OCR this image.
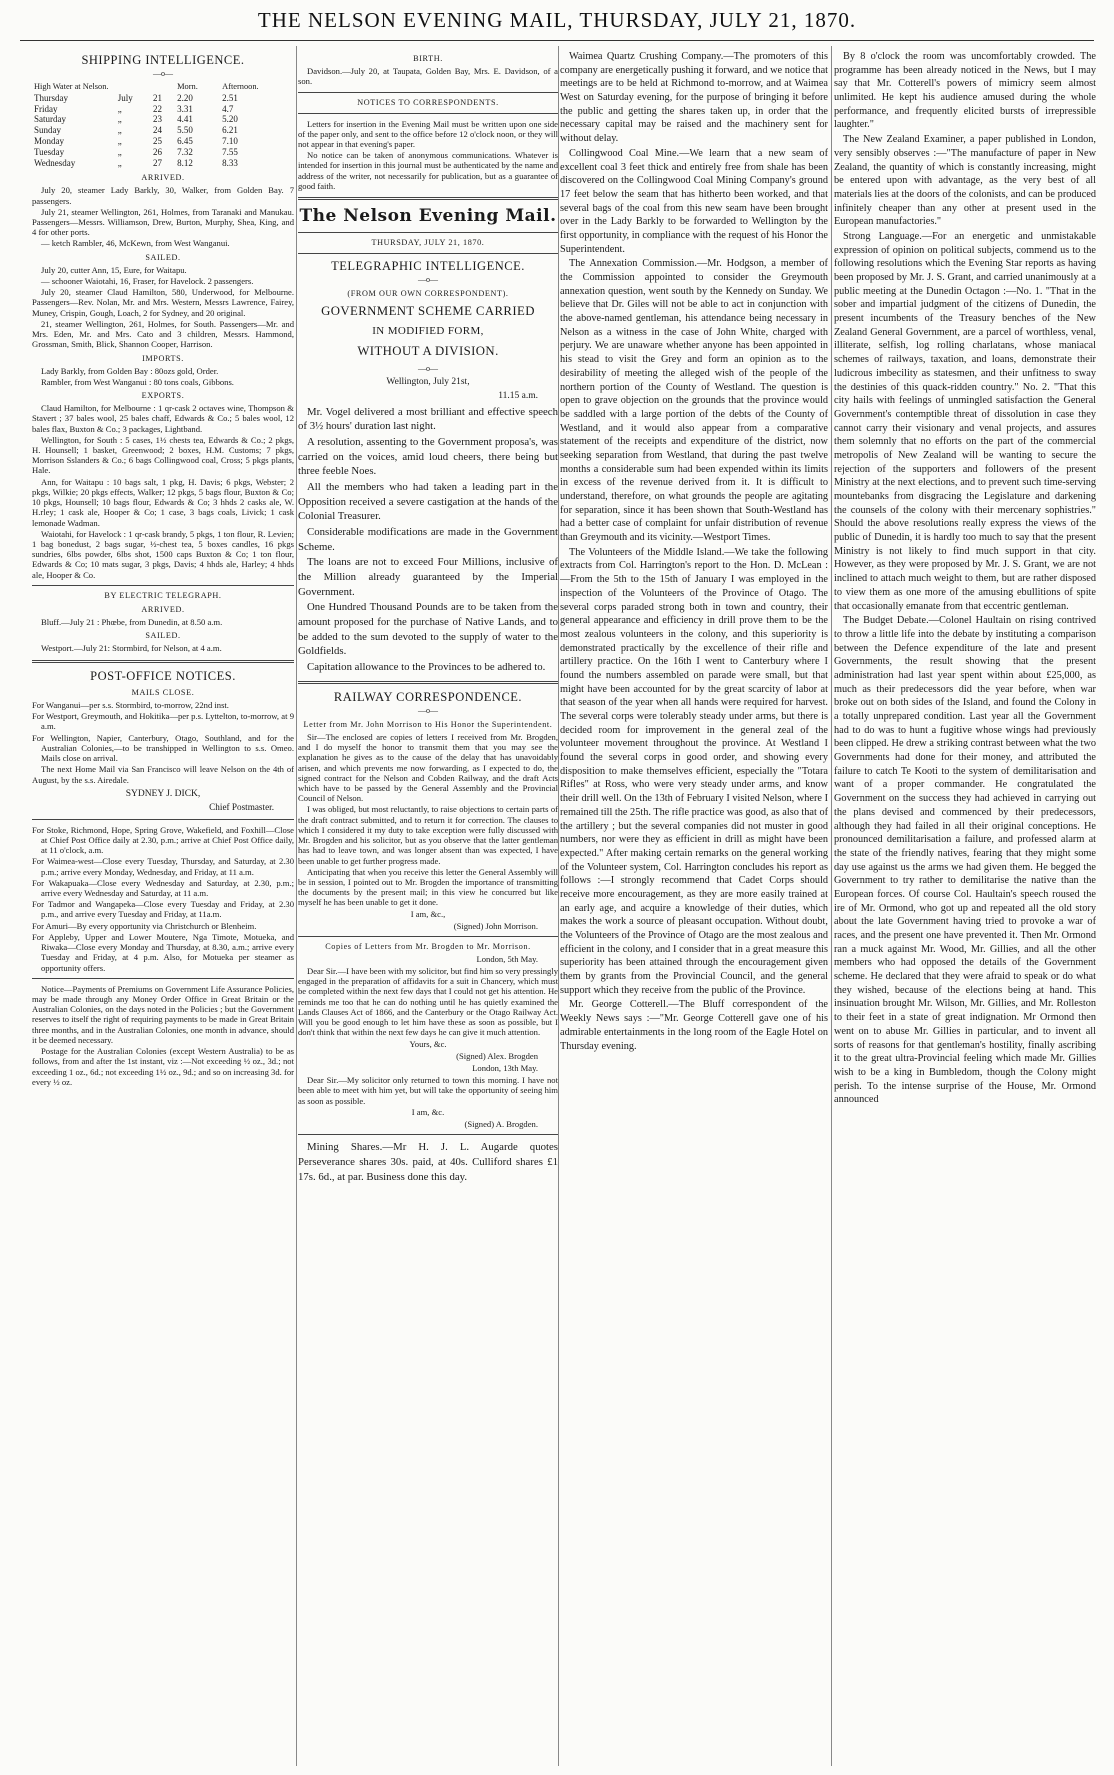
THE NELSON EVENING MAIL, THURSDAY, JULY 21, 1870.
SHIPPING INTELLIGENCE.
—o—
High Water at Nelson.			Morn.	Afternoon.
Thursday	July	21	2.20	2.51
Friday	„	22	3.31	4.7
Saturday	„	23	4.41	5.20
Sunday	„	24	5.50	6.21
Monday	„	25	6.45	7.10
Tuesday	„	26	7.32	7.55
Wednesday	„	27	8.12	8.33
ARRIVED.

July 20, steamer Lady Barkly, 30, Walker, from Golden Bay. 7 passengers.

July 21, steamer Wellington, 261, Holmes, from Taranaki and Manukau. Passengers—Messrs. Williamson, Drew, Burton, Murphy, Shea, King, and 4 for other ports.

— ketch Rambler, 46, McKewn, from West Wanganui.

SAILED.

July 20, cutter Ann, 15, Eure, for Waitapu.

— schooner Waiotahi, 16, Fraser, for Havelock. 2 passengers.

July 20, steamer Claud Hamilton, 580, Underwood, for Melbourne. Passengers—Rev. Nolan, Mr. and Mrs. Western, Messrs Lawrence, Fairey, Muney, Crispin, Gough, Loach, 2 for Sydney, and 20 original.

21, steamer Wellington, 261, Holmes, for South. Passengers—Mr. and Mrs. Eden, Mr. and Mrs. Cato and 3 children, Messrs. Hammond, Grossman, Smith, Blick, Shannon Cooper, Harrison.

IMPORTS.

Lady Barkly, from Golden Bay : 80ozs gold, Order.

Rambler, from West Wanganui : 80 tons coals, Gibbons.

EXPORTS.

Claud Hamilton, for Melbourne : 1 qr-cask 2 octaves wine, Thompson & Stavert ; 37 bales wool, 25 bales chaff, Edwards & Co.; 5 bales wool, 12 bales flax, Buxton & Co.; 3 packages, Lightband.

Wellington, for South : 5 cases, 1½ chests tea, Edwards & Co.; 2 pkgs, H. Hounsell; 1 basket, Greenwood; 2 boxes, H.M. Customs; 7 pkgs, Morrison Sslanders & Co.; 6 bags Collingwood coal, Cross; 5 pkgs plants, Hale.

Ann, for Waitapu : 10 bags salt, 1 pkg, H. Davis; 6 pkgs, Webster; 2 pkgs, Wilkie; 20 pkgs effects, Walker; 12 pkgs, 5 bags flour, Buxton & Co; 10 pkgs, Hounsell; 10 bags flour, Edwards & Co; 3 hhds 2 casks ale, W. H.rley; 1 cask ale, Hooper & Co; 1 case, 3 bags coals, Livick; 1 cask lemonade Wadman.

Waiotahi, for Havelock : 1 qr-cask brandy, 5 pkgs, 1 ton flour, R. Levien; 1 bag bonedust, 2 bags sugar, ½-chest tea, 5 boxes candles, 16 pkgs sundries, 6lbs powder, 6lbs shot, 1500 caps Buxton & Co; 1 ton flour, Edwards & Co; 10 mats sugar, 3 pkgs, Davis; 4 hhds ale, Harley; 4 hhds ale, Hooper & Co.

BY ELECTRIC TELEGRAPH.
ARRIVED.

Bluff.—July 21 : Phœbe, from Dunedin, at 8.50 a.m.

SAILED.

Westport.—July 21: Stormbird, for Nelson, at 4 a.m.

POST-OFFICE NOTICES.
MAILS CLOSE.

For Wanganui—per s.s. Stormbird, to-morrow, 22nd inst.

For Westport, Greymouth, and Hokitika—per p.s. Lyttelton, to-morrow, at 9 a.m.

For Wellington, Napier, Canterbury, Otago, Southland, and for the Australian Colonies,—to be transhipped in Wellington to s.s. Omeo. Mails close on arrival.

The next Home Mail via San Francisco will leave Nelson on the 4th of August, by the s.s. Airedale.

SYDNEY J. DICK,
Chief Postmaster.

For Stoke, Richmond, Hope, Spring Grove, Wakefield, and Foxhill—Close at Chief Post Office daily at 2.30, p.m.; arrive at Chief Post Office daily, at 11 o'clock, a.m.

For Waimea-west—Close every Tuesday, Thursday, and Saturday, at 2.30 p.m.; arrive every Monday, Wednesday, and Friday, at 11 a.m.

For Wakapuaka—Close every Wednesday and Saturday, at 2.30, p.m.; arrive every Wednesday and Saturday, at 11 a.m.

For Tadmor and Wangapeka—Close every Tuesday and Friday, at 2.30 p.m., and arrive every Tuesday and Friday, at 11a.m.

For Amuri—By every opportunity via Christchurch or Blenheim.

For Appleby, Upper and Lower Moutere, Nga Timote, Motueka, and Riwaka—Close every Monday and Thursday, at 8.30, a.m.; arrive every Tuesday and Friday, at 4 p.m. Also, for Motueka per steamer as opportunity offers.

Notice—Payments of Premiums on Government Life Assurance Policies, may be made through any Money Order Office in Great Britain or the Australian Colonies, on the days noted in the Policies ; but the Government reserves to itself the right of requiring payments to be made in Great Britain three months, and in the Australian Colonies, one month in advance, should it be deemed necessary.

Postage for the Australian Colonies (except Western Australia) to be as follows, from and after the 1st instant, viz :—Not exceeding ½ oz., 3d.; not exceeding 1 oz., 6d.; not exceeding 1½ oz., 9d.; and so on increasing 3d. for every ½ oz.

BIRTH.

Davidson.—July 20, at Taupata, Golden Bay, Mrs. E. Davidson, of a son.

NOTICES TO CORRESPONDENTS.

Letters for insertion in the Evening Mail must be written upon one side of the paper only, and sent to the office before 12 o'clock noon, or they will not appear in that evening's paper.

No notice can be taken of anonymous communications. Whatever is intended for insertion in this journal must be authenticated by the name and address of the writer, not necessarily for publication, but as a guarantee of good faith.

The Nelson Evening Mail.
THURSDAY, JULY 21, 1870.
TELEGRAPHIC INTELLIGENCE.
—o—
(FROM OUR OWN CORRESPONDENT).
GOVERNMENT SCHEME CARRIED
IN MODIFIED FORM,
WITHOUT A DIVISION.
—o—
Wellington, July 21st,
11.15 a.m.

Mr. Vogel delivered a most brilliant and effective speech of 3½ hours' duration last night.

A resolution, assenting to the Government proposa's, was carried on the voices, amid loud cheers, there being but three feeble Noes.

All the members who had taken a leading part in the Opposition received a severe castigation at the hands of the Colonial Treasurer.

Considerable modifications are made in the Government Scheme.

The loans are not to exceed Four Millions, inclusive of the Million already guaranteed by the Imperial Government.

One Hundred Thousand Pounds are to be taken from the amount proposed for the purchase of Native Lands, and to be added to the sum devoted to the supply of water to the Goldfields.

Capitation allowance to the Provinces to be adhered to.

RAILWAY CORRESPONDENCE.
—o—
Letter from Mr. John Morrison to His Honor the Superintendent.

Sir—The enclosed are copies of letters I received from Mr. Brogden, and I do myself the honor to transmit them that you may see the explanation he gives as to the cause of the delay that has unavoidably arisen, and which prevents me now forwarding, as I expected to do, the signed contract for the Nelson and Cobden Railway, and the draft Acts which have to be passed by the General Assembly and the Provincial Council of Nelson.

I was obliged, but most reluctantly, to raise objections to certain parts of the draft contract submitted, and to return it for correction. The clauses to which I considered it my duty to take exception were fully discussed with Mr. Brogden and his solicitor, but as you observe that the latter gentleman has had to leave town, and was longer absent than was expected, I have been unable to get further progress made.

Anticipating that when you receive this letter the General Assembly will be in session, I pointed out to Mr. Brogden the importance of transmitting the documents by the present mail; in this view he concurred but like myself he has been unable to get it done.

I am, &c.,
(Signed) John Morrison.
Copies of Letters from Mr. Brogden to Mr. Morrison.
London, 5th May.

Dear Sir.—I have been with my solicitor, but find him so very pressingly engaged in the preparation of affidavits for a suit in Chancery, which must be completed within the next few days that I could not get his attention. He reminds me too that he can do nothing until he has quietly examined the Lands Clauses Act of 1866, and the Canterbury or the Otago Railway Act. Will you be good enough to let him have these as soon as possible, but I don't think that within the next few days he can give it much attention.

Yours, &c.
(Signed) Alex. Brogden
London, 13th May.

Dear Sir.—My solicitor only returned to town this morning. I have not been able to meet with him yet, but will take the opportunity of seeing him as soon as possible.

I am, &c.
(Signed) A. Brogden.

Mining Shares.—Mr H. J. L. Augarde quotes Perseverance shares 30s. paid, at 40s. Culliford shares £1 17s. 6d., at par. Business done this day.

Waimea Quartz Crushing Company.—The promoters of this company are energetically pushing it forward, and we notice that meetings are to be held at Richmond to-morrow, and at Waimea West on Saturday evening, for the purpose of bringing it before the public and getting the shares taken up, in order that the necessary capital may be raised and the machinery sent for without delay.

Collingwood Coal Mine.—We learn that a new seam of excellent coal 3 feet thick and entirely free from shale has been discovered on the Collingwood Coal Mining Company's ground 17 feet below the seam that has hitherto been worked, and that several bags of the coal from this new seam have been brought over in the Lady Barkly to be forwarded to Wellington by the first opportunity, in compliance with the request of his Honor the Superintendent.

The Annexation Commission.—Mr. Hodgson, a member of the Commission appointed to consider the Greymouth annexation question, went south by the Kennedy on Sunday. We believe that Dr. Giles will not be able to act in conjunction with the above-named gentleman, his attendance being necessary in Nelson as a witness in the case of John White, charged with perjury. We are unaware whether anyone has been appointed in his stead to visit the Grey and form an opinion as to the desirability of meeting the alleged wish of the people of the northern portion of the County of Westland. The question is open to grave objection on the grounds that the province would be saddled with a large portion of the debts of the County of Westland, and it would also appear from a comparative statement of the receipts and expenditure of the district, now seeking separation from Westland, that during the past twelve months a considerable sum had been expended within its limits in excess of the revenue derived from it. It is difficult to understand, therefore, on what grounds the people are agitating for separation, since it has been shown that South-Westland has had a better case of complaint for unfair distribution of revenue than Greymouth and its vicinity.—Westport Times.

The Volunteers of the Middle Island.—We take the following extracts from Col. Harrington's report to the Hon. D. McLean :—From the 5th to the 15th of January I was employed in the inspection of the Volunteers of the Province of Otago. The several corps paraded strong both in town and country, their general appearance and efficiency in drill prove them to be the most zealous volunteers in the colony, and this superiority is demonstrated practically by the excellence of their rifle and artillery practice. On the 16th I went to Canterbury where I found the numbers assembled on parade were small, but that might have been accounted for by the great scarcity of labor at that season of the year when all hands were required for harvest. The several corps were tolerably steady under arms, but there is decided room for improvement in the general zeal of the volunteer movement throughout the province. At Westland I found the several corps in good order, and showing every disposition to make themselves efficient, especially the "Totara Rifles" at Ross, who were very steady under arms, and know their drill well. On the 13th of February I visited Nelson, where I remained till the 25th. The rifle practice was good, as also that of the artillery ; but the several companies did not muster in good numbers, nor were they as efficient in drill as might have been expected." After making certain remarks on the general working of the Volunteer system, Col. Harrington concludes his report as follows :—I strongly recommend that Cadet Corps should receive more encouragement, as they are more easily trained at an early age, and acquire a knowledge of their duties, which makes the work a source of pleasant occupation. Without doubt, the Volunteers of the Province of Otago are the most zealous and efficient in the colony, and I consider that in a great measure this superiority has been attained through the encouragement given them by grants from the Provincial Council, and the general support which they receive from the public of the Province.

Mr. George Cotterell.—The Bluff correspondent of the Weekly News says :—"Mr. George Cotterell gave one of his admirable entertainments in the long room of the Eagle Hotel on Thursday evening.

By 8 o'clock the room was uncomfortably crowded. The programme has been already noticed in the News, but I may say that Mr. Cotterell's powers of mimicry seem almost unlimited. He kept his audience amused during the whole performance, and frequently elicited bursts of irrepressible laughter."

The New Zealand Examiner, a paper published in London, very sensibly observes :—"The manufacture of paper in New Zealand, the quantity of which is constantly increasing, might be entered upon with advantage, as the very best of all materials lies at the doors of the colonists, and can be produced infinitely cheaper than any other at present used in the European manufactories."

Strong Language.—For an energetic and unmistakable expression of opinion on political subjects, commend us to the following resolutions which the Evening Star reports as having been proposed by Mr. J. S. Grant, and carried unanimously at a public meeting at the Dunedin Octagon :—No. 1. "That in the sober and impartial judgment of the citizens of Dunedin, the present incumbents of the Treasury benches of the New Zealand General Government, are a parcel of worthless, venal, illiterate, selfish, log rolling charlatans, whose maniacal schemes of railways, taxation, and loans, demonstrate their ludicrous imbecility as statesmen, and their unfitness to sway the destinies of this quack-ridden country." No. 2. "That this city hails with feelings of unmingled satisfaction the General Government's contemptible threat of dissolution in case they cannot carry their visionary and venal projects, and assures them solemnly that no efforts on the part of the commercial metropolis of New Zealand will be wanting to secure the rejection of the supporters and followers of the present Ministry at the next elections, and to prevent such time-serving mountebanks from disgracing the Legislature and darkening the counsels of the colony with their mercenary sophistries." Should the above resolutions really express the views of the public of Dunedin, it is hardly too much to say that the present Ministry is not likely to find much support in that city. However, as they were proposed by Mr. J. S. Grant, we are not inclined to attach much weight to them, but are rather disposed to view them as one more of the amusing ebullitions of spite that occasionally emanate from that eccentric gentleman.

The Budget Debate.—Colonel Haultain on rising contrived to throw a little life into the debate by instituting a comparison between the Defence expenditure of the late and present Governments, the result showing that the present administration had last year spent within about £25,000, as much as their predecessors did the year before, when war broke out on both sides of the Island, and found the Colony in a totally unprepared condition. Last year all the Government had to do was to hunt a fugitive whose wings had previously been clipped. He drew a striking contrast between what the two Governments had done for their money, and attributed the failure to catch Te Kooti to the system of demilitarisation and want of a proper commander. He congratulated the Government on the success they had achieved in carrying out the plans devised and commenced by their predecessors, although they had failed in all their original conceptions. He pronounced demilitarisation a failure, and professed alarm at the state of the friendly natives, fearing that they might some day use against us the arms we had given them. He begged the Government to try rather to demilitarise the native than the European forces. Of course Col. Haultain's speech roused the ire of Mr. Ormond, who got up and repeated all the old story about the late Government having tried to provoke a war of races, and the present one have prevented it. Then Mr. Ormond ran a muck against Mr. Wood, Mr. Gillies, and all the other members who had opposed the details of the Government scheme. He declared that they were afraid to speak or do what they wished, because of the elections being at hand. This insinuation brought Mr. Wilson, Mr. Gillies, and Mr. Rolleston to their feet in a state of great indignation. Mr Ormond then went on to abuse Mr. Gillies in particular, and to invent all sorts of reasons for that gentleman's hostility, finally ascribing it to the great ultra-Provincial feeling which made Mr. Gillies wish to be a king in Bumbledom, though the Colony might perish. To the intense surprise of the House, Mr. Ormond announced
